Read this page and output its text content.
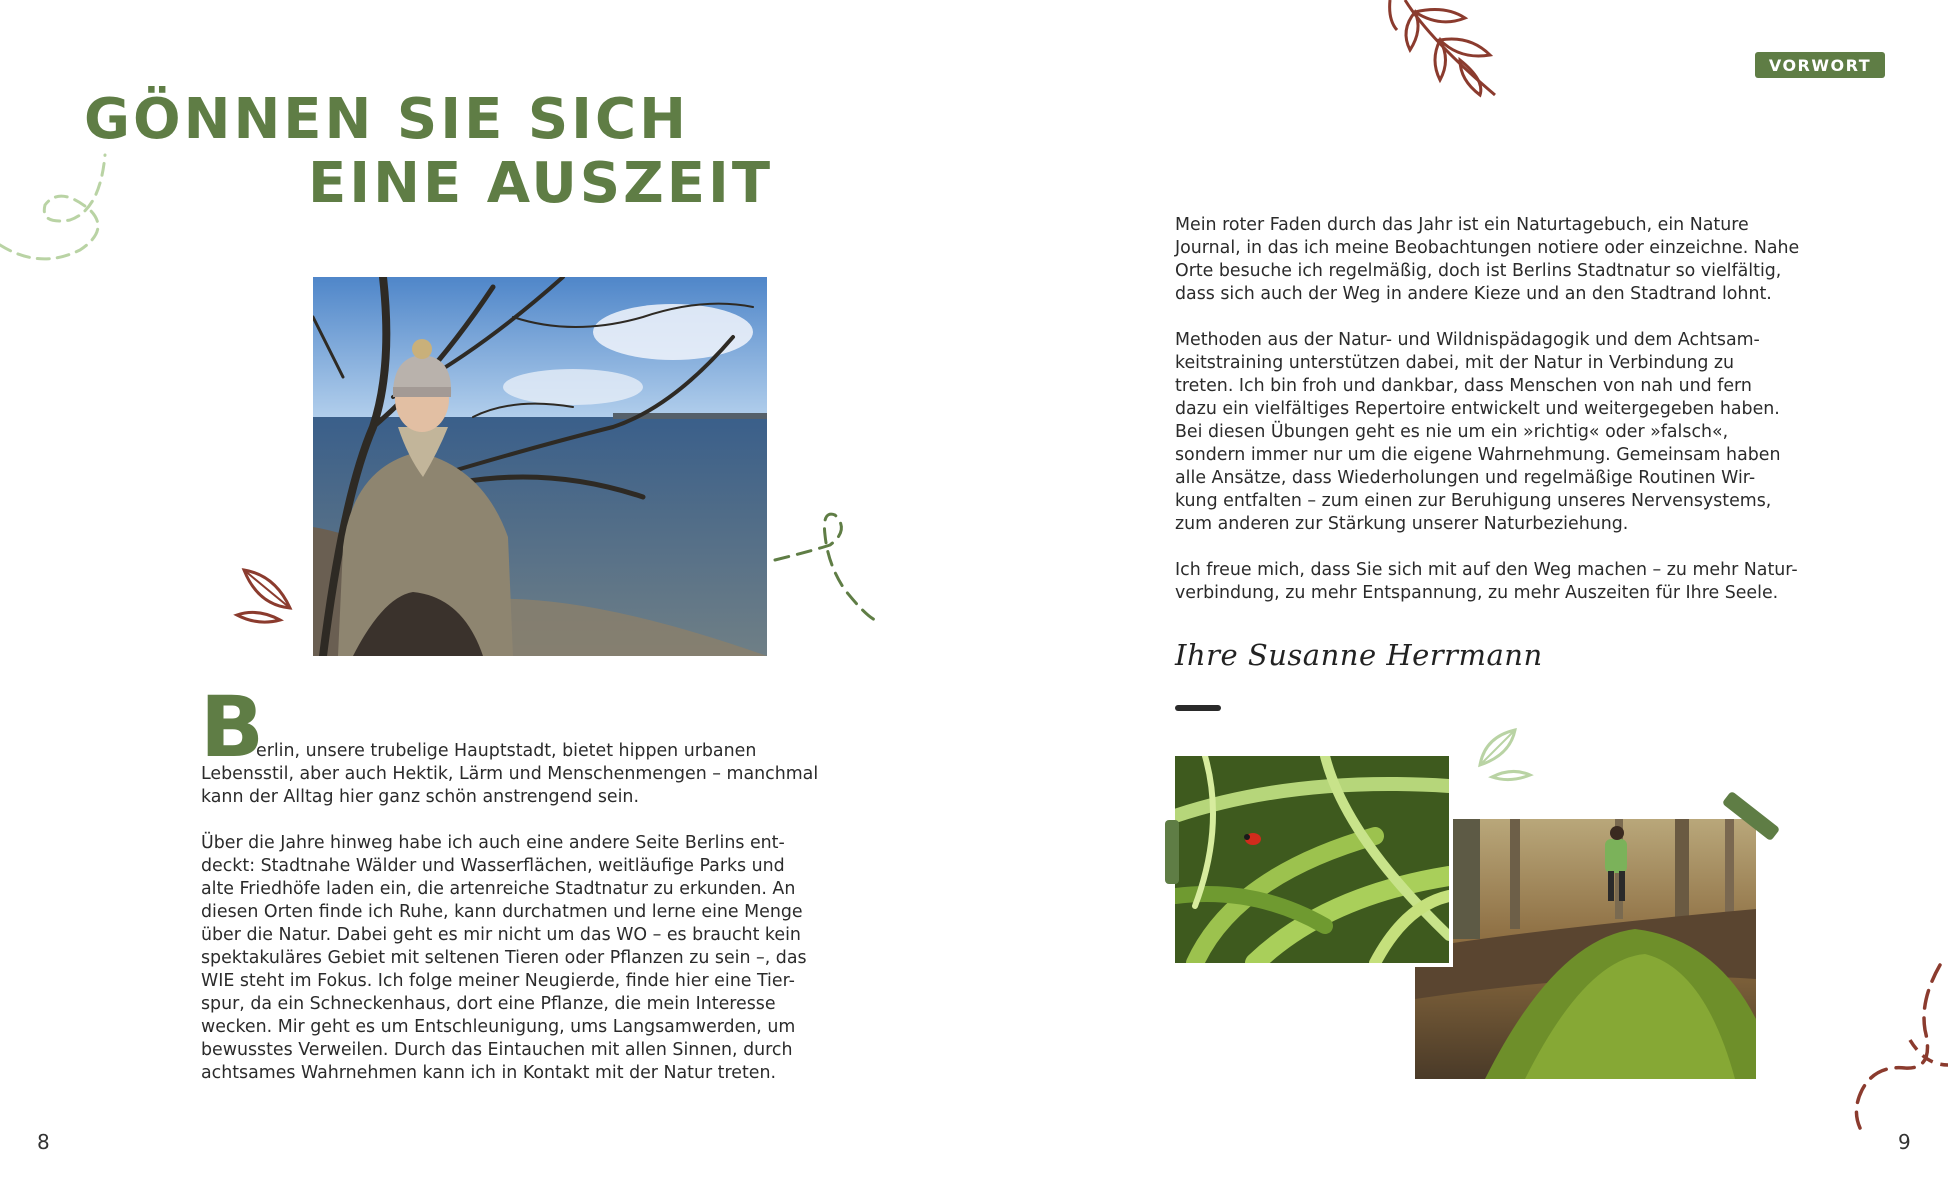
GÖNNEN SIE SICH
EINE AUSZEIT
VORWORT
B
erlin, unsere trubelige Hauptstadt, bietet hippen urbanen
Lebensstil, aber auch Hektik, Lärm und Menschenmengen – manchmal
kann der Alltag hier ganz schön anstrengend sein.
Über die Jahre hinweg habe ich auch eine andere Seite Berlins ent-
deckt: Stadtnahe Wälder und Wasserflächen, weitläufige Parks und
alte Friedhöfe laden ein, die artenreiche Stadtnatur zu erkunden. An
diesen Orten finde ich Ruhe, kann durchatmen und lerne eine Menge
über die Natur. Dabei geht es mir nicht um das WO – es braucht kein
spektakuläres Gebiet mit seltenen Tieren oder Pflanzen zu sein –, das
WIE steht im Fokus. Ich folge meiner Neugierde, finde hier eine Tier-
spur, da ein Schneckenhaus, dort eine Pflanze, die mein Interesse
wecken. Mir geht es um Entschleunigung, ums Langsamwerden, um
bewusstes Verweilen. Durch das Eintauchen mit allen Sinnen, durch
achtsames Wahrnehmen kann ich in Kontakt mit der Natur treten.
Mein roter Faden durch das Jahr ist ein Naturtagebuch, ein Nature
Journal, in das ich meine Beobachtungen notiere oder einzeichne. Nahe
Orte besuche ich regelmäßig, doch ist Berlins Stadtnatur so vielfältig,
dass sich auch der Weg in andere Kieze und an den Stadtrand lohnt.
Methoden aus der Natur- und Wildnispädagogik und dem Achtsam-
keitstraining unterstützen dabei, mit der Natur in Verbindung zu
treten. Ich bin froh und dankbar, dass Menschen von nah und fern
dazu ein vielfältiges Repertoire entwickelt und weitergegeben haben.
Bei diesen Übungen geht es nie um ein »richtig« oder »falsch«,
sondern immer nur um die eigene Wahrnehmung. Gemeinsam haben
alle Ansätze, dass Wiederholungen und regelmäßige Routinen Wir-
kung entfalten – zum einen zur Beruhigung unseres Nervensystems,
zum anderen zur Stärkung unserer Naturbeziehung.
Ich freue mich, dass Sie sich mit auf den Weg machen – zu mehr Natur-
verbindung, zu mehr Entspannung, zu mehr Auszeiten für Ihre Seele.
Ihre Susanne Herrmann
8	9
